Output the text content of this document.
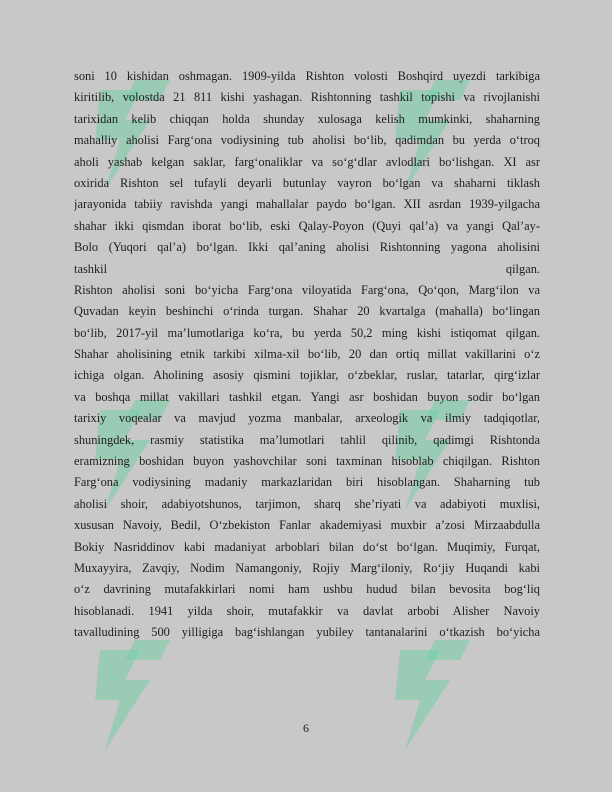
soni 10 kishidan oshmagan. 1909-yilda Rishton volosti Boshqird uyezdi tarkibiga
kiritilib, volostda 21 811 kishi yashagan. Rishtonning tashkil topishi va rivojlanishi
tarixidan kelib chiqqan holda shunday xulosaga kelish mumkinki, shaharning
mahalliy aholisi Farg‘ona vodiysining tub aholisi bo‘lib, qadimdan bu yerda o‘troq
aholi yashab kelgan saklar, farg‘onaliklar va so‘g‘dlar avlodlari bo‘lishgan. XI asr
oxirida Rishton sel tufayli deyarli butunlay vayron bo‘lgan va shaharni tiklash
jarayonida tabiiy ravishda yangi mahallalar paydo bo‘lgan. XII asrdan 1939-yilgacha
shahar ikki qismdan iborat bo‘lib, eski Qalay-Poyon (Quyi qal’a) va yangi Qal’ay-
Bolo (Yuqori qal’a) bo‘lgan. Ikki qal’aning aholisi Rishtonning yagona aholisini
tashkil qilgan.
Rishton aholisi soni bo‘yicha Farg‘ona viloyatida Farg‘ona, Qo‘qon, Marg‘ilon va
Quvadan keyin beshinchi o‘rinda turgan. Shahar 20 kvartalga (mahalla) bo‘lingan
bo‘lib, 2017-yil ma’lumotlariga ko‘ra, bu yerda 50,2 ming kishi istiqomat qilgan.
Shahar aholisining etnik tarkibi xilma-xil bo‘lib, 20 dan ortiq millat vakillarini o‘z
ichiga olgan. Aholining asosiy qismini tojiklar, o‘zbeklar, ruslar, tatarlar, qirg‘izlar
va boshqa millat vakillari tashkil etgan. Yangi asr boshidan buyon sodir bo‘lgan
tarixiy voqealar va mavjud yozma manbalar, arxeologik va ilmiy tadqiqotlar,
shuningdek, rasmiy statistika ma’lumotlari tahlil qilinib, qadimgi Rishtonda
eramizning boshidan buyon yashovchilar soni taxminan hisoblab chiqilgan. Rishton
Farg‘ona vodiysining madaniy markazlaridan biri hisoblangan. Shaharning tub
aholisi shoir, adabiyotshunos, tarjimon, sharq she’riyati va adabiyoti muxlisi,
xususan Navoiy, Bedil, O‘zbekiston Fanlar akademiyasi muxbir a’zosi Mirzaabdulla
Bokiy Nasriddinov kabi madaniyat arboblari bilan do‘st bo‘lgan. Muqimiy, Furqat,
Muxayyira, Zavqiy, Nodim Namangoniy, Rojiy Marg‘iloniy, Ro‘jiy Huqandi kabi
o‘z davrining mutafakkirlari nomi ham ushbu hudud bilan bevosita bog‘liq
hisoblanadi. 1941 yilda shoir, mutafakkir va davlat arbobi Alisher Navoiy
tavalludining 500 yilligiga bag‘ishlangan yubiley tantanalarini o‘tkazish bo‘yicha
6
